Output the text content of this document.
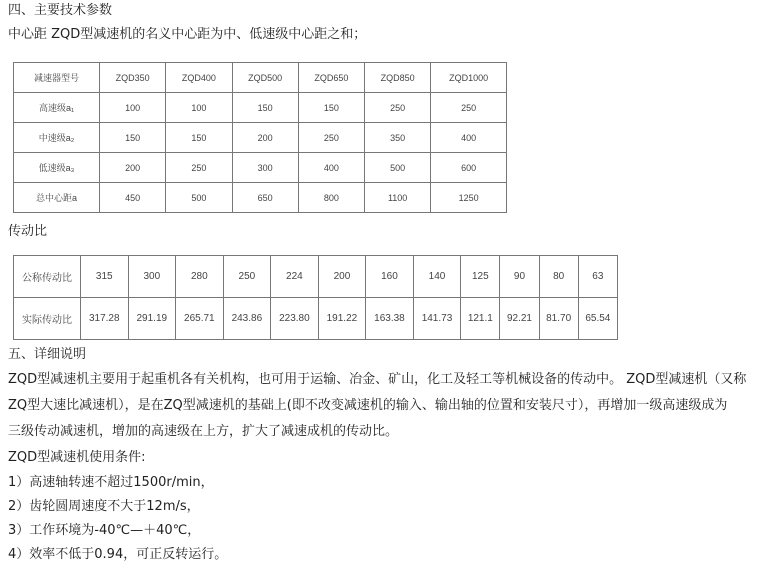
四、主要技术参数
中心距 ZQD型减速机的名义中心距为中、低速级中心距之和；
减速器型号	ZQD350	ZQD400	ZQD500	ZQD650	ZQD850	ZQD1000
高速级a₁	100	100	150	150	250	250
中速级a₂	150	150	200	250	350	400
低速级a₃	200	250	300	400	500	600
总中心距a	450	500	650	800	1100	1250
传动比
公称传动比	315	300	280	250	224	200	160	140	125	90	80	63
实际传动比	317.28	291.19	265.71	243.86	223.80	191.22	163.38	141.73	121.1	92.21	81.70	65.54
五、详细说明
ZQD型减速机主要用于起重机各有关机构，也可用于运输、冶金、矿山，化工及轻工等机械设备的传动中。 ZQD型减速机（又称
ZQ型大速比减速机），是在ZQ型减速机的基础上(即不改变减速机的输入、输出轴的位置和安装尺寸），再增加一级高速级成为
三级传动减速机，增加的高速级在上方，扩大了减速成机的传动比。
ZQD型减速机使用条件:
1）高速轴转速不超过1500r/min，
2）齿轮圆周速度不大于12m/s，
3）工作环境为-40℃—＋40℃，
4）效率不低于0.94，可正反转运行。
